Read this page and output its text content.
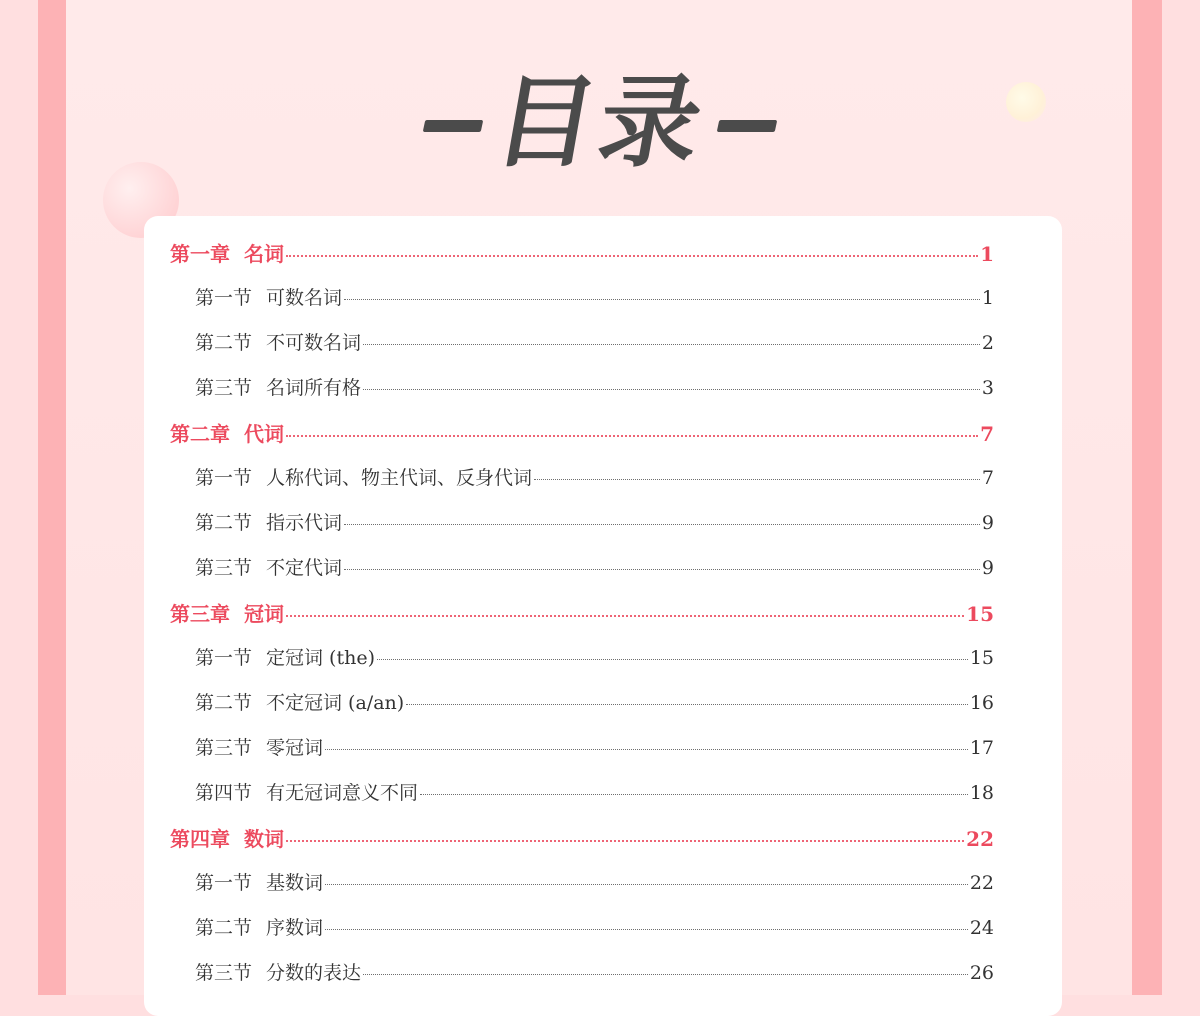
目录
第一章 名词	1
第一节 可数名词	1
第二节 不可数名词	2
第三节 名词所有格	3
第二章 代词	7
第一节 人称代词、物主代词、反身代词	7
第二节 指示代词	9
第三节 不定代词	9
第三章 冠词	15
第一节 定冠词 (the)	15
第二节 不定冠词 (a/an)	16
第三节 零冠词	17
第四节 有无冠词意义不同	18
第四章 数词	22
第一节 基数词	22
第二节 序数词	24
第三节 分数的表达	26
